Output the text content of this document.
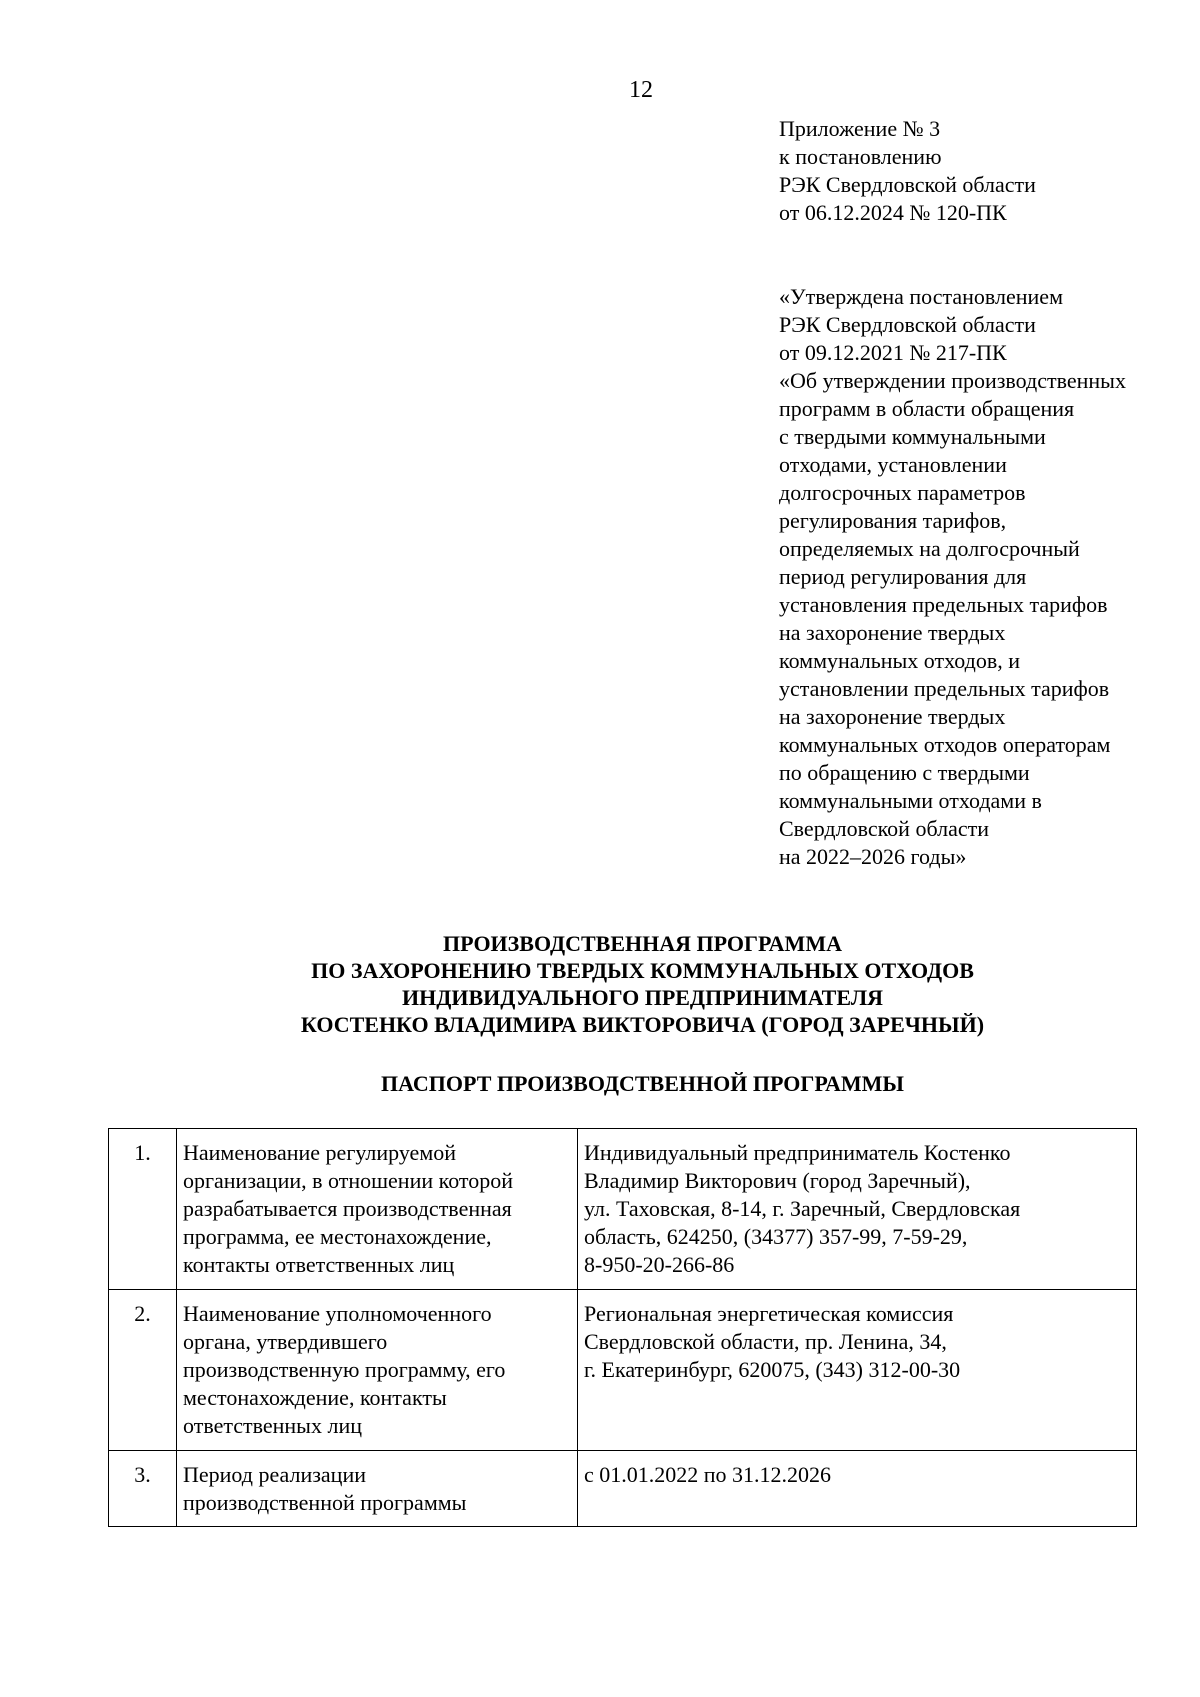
12
Приложение № 3
к постановлению
РЭК Свердловской области
от 06.12.2024 № 120-ПК
«Утверждена постановлением
РЭК Свердловской области
от 09.12.2021 № 217-ПК
«Об утверждении производственных
программ в области обращения
с твердыми коммунальными
отходами, установлении
долгосрочных параметров
регулирования тарифов,
определяемых на долгосрочный
период регулирования для
установления предельных тарифов
на захоронение твердых
коммунальных отходов, и
установлении предельных тарифов
на захоронение твердых
коммунальных отходов операторам
по обращению с твердыми
коммунальными отходами в
Свердловской области
на 2022–2026 годы»
ПРОИЗВОДСТВЕННАЯ ПРОГРАММА
ПО ЗАХОРОНЕНИЮ ТВЕРДЫХ КОММУНАЛЬНЫХ ОТХОДОВ
ИНДИВИДУАЛЬНОГО ПРЕДПРИНИМАТЕЛЯ
КОСТЕНКО ВЛАДИМИРА ВИКТОРОВИЧА (ГОРОД ЗАРЕЧНЫЙ)
ПАСПОРТ ПРОИЗВОДСТВЕННОЙ ПРОГРАММЫ
1.	Наименование регулируемой
организации, в отношении которой
разрабатывается производственная
программа, ее местонахождение,
контакты ответственных лиц	Индивидуальный предприниматель Костенко
Владимир Викторович (город Заречный),
ул. Таховская, 8-14, г. Заречный, Свердловская
область, 624250, (34377) 357-99, 7-59-29,
8-950-20-266-86

2.	Наименование уполномоченного
органа, утвердившего
производственную программу, его
местонахождение, контакты
ответственных лиц	Региональная энергетическая комиссия
Свердловской области, пр. Ленина, 34,
г. Екатеринбург, 620075, (343) 312-00-30

3.	Период реализации
производственной программы	с 01.01.2022 по 31.12.2026
